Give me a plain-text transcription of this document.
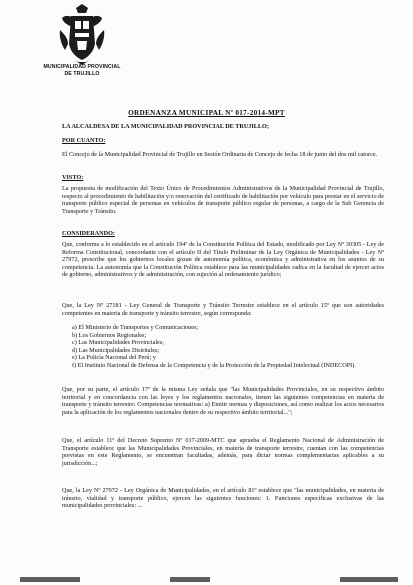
MUNICIPALIDAD PROVINCIAL
DE TRUJILLO
ORDENANZA MUNICIPAL Nº 017-2014-MPT

LA ALCALDESA DE LA MUNICIPALIDAD PROVINCIAL DE TRUJILLO;

POR CUANTO:

El Concejo de la Municipalidad Provincial de Trujillo en Sesión Ordinaria de Concejo de fecha 18 de junio del dos mil catorce.

VISTO:

La propuesta de modificación del Texto Único de Procedimientos Administrativos de la Municipalidad Provincial de Trujillo, respecto al procedimiento de habilitación y/o renovación del certificado de habilitación por vehículo para prestar en el servicio de transporte público especial de personas en vehículos de transporte público regular de personas, a cargo de la Sub Gerencia de Transporte y Tránsito.

CONSIDERANDO:

Que, conforme a lo establecido en el artículo 194º de la Constitución Política del Estado, modificado por Ley Nº 30305 - Ley de Reforma Constitucional, concordante con el artículo II del Título Preliminar de la Ley Orgánica de Municipalidades - Ley Nº 27972, prescribe que los gobiernos locales gozan de autonomía política, económica y administrativa en los asuntos de su competencia. La autonomía que la Constitución Política establece para las municipalidades radica en la facultad de ejercer actos de gobierno, administrativos y de administración, con sujeción al ordenamiento jurídico;

Que, la Ley Nº 27181 - Ley General de Transporte y Tránsito Terrestre establece en el artículo 15º que son autoridades competentes en materia de transporte y tránsito terrestre, según corresponda:

a) El Ministerio de Transportes y Comunicaciones;
b) Los Gobiernos Regionales;
c) Las Municipalidades Provinciales;
d) Las Municipalidades Distritales;
e) La Policía Nacional del Perú; y
f) El Instituto Nacional de Defensa de la Competencia y de la Protección de la Propiedad Intelectual (INDECOPI).

Que, por su parte, el artículo 17º de la misma Ley señala que "las Municipalidades Provinciales, en su respectivo ámbito territorial y en concordancia con las leyes y los reglamentos nacionales, tienen las siguientes competencias en materia de transporte y tránsito terrestre: Competencias normativas: a) Emitir normas y disposiciones, así como realizar los actos necesarios para la aplicación de los reglamentos nacionales dentro de su respectivo ámbito territorial...";

Que, el artículo 11º del Decreto Supremo Nº 017-2009-MTC que aprueba el Reglamento Nacional de Administración de Transporte establece que las Municipalidades Provinciales, en materia de transporte terrestre, cuentan con las competencias previstas en este Reglamento, se encuentran facultadas, además, para dictar normas complementarias aplicables a su jurisdicción...;

Que, la Ley Nº 27972 - Ley Orgánica de Municipalidades, en el artículo 81º establece que "las municipalidades, en materia de tránsito, vialidad y transporte público, ejercen las siguientes funciones: 1. Funciones específicas exclusivas de las municipalidades provinciales: ...
